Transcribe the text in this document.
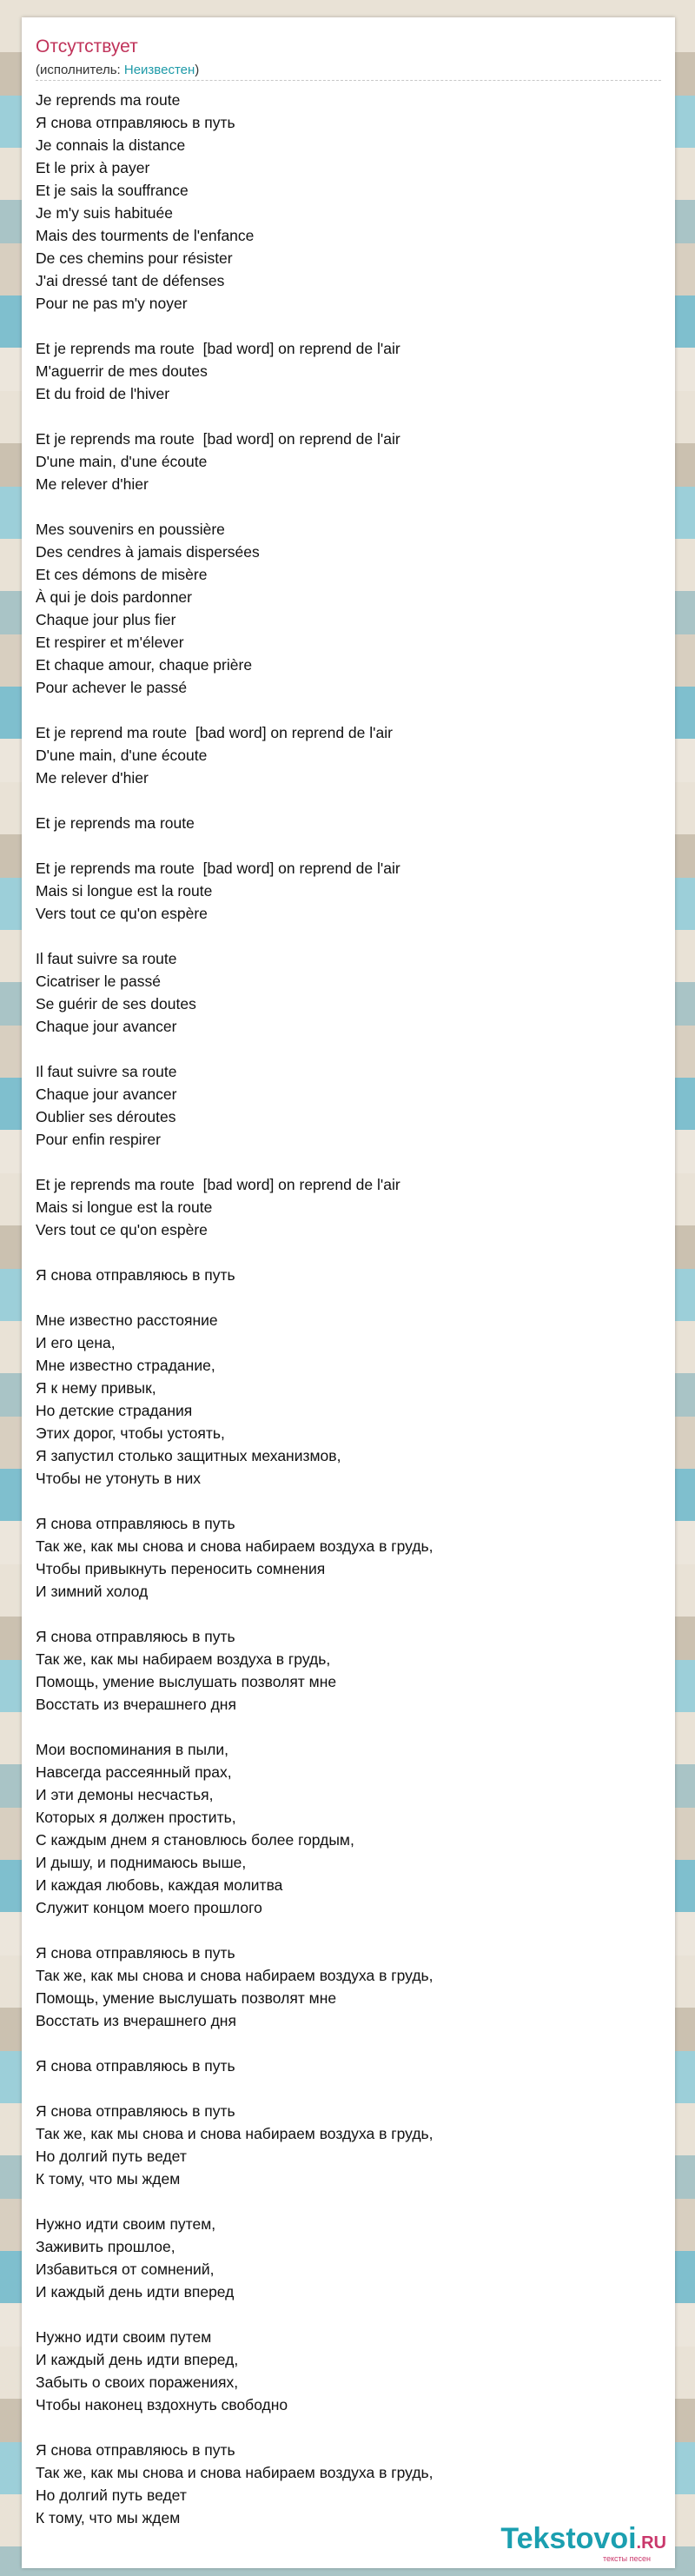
Отсутствует
(исполнитель: Неизвестен)
Je reprends ma route
Я снова отправляюсь в путь
Je connais la distance
Et le prix à payer
Et je sais la souffrance
Je m'y suis habituée
Mais des tourments de l'enfance
De ces chemins pour résister
J'ai dressé tant de défenses
Pour ne pas m'y noyer

Et je reprends ma route  [bad word] on reprend de l'air
M'aguerrir de mes doutes
Et du froid de l'hiver

Et je reprends ma route  [bad word] on reprend de l'air
D'une main, d'une écoute
Me relever d'hier

Mes souvenirs en poussière
Des cendres à jamais dispersées
Et ces démons de misère
À qui je dois pardonner
Chaque jour plus fier
Et respirer et m'élever
Et chaque amour, chaque prière
Pour achever le passé

Et je reprend ma route  [bad word] on reprend de l'air
D'une main, d'une écoute
Me relever d'hier

Et je reprends ma route

Et je reprends ma route  [bad word] on reprend de l'air
Mais si longue est la route
Vers tout ce qu'on espère

Il faut suivre sa route
Cicatriser le passé
Se guérir de ses doutes
Chaque jour avancer

Il faut suivre sa route
Chaque jour avancer
Oublier ses déroutes
Pour enfin respirer

Et je reprends ma route  [bad word] on reprend de l'air
Mais si longue est la route
Vers tout ce qu'on espère

Я снова отправляюсь в путь

Мне известно расстояние
И его цена,
Мне известно страдание,
Я к нему привык,
Но детские страдания
Этих дорог, чтобы устоять,
Я запустил столько защитных механизмов,
Чтобы не утонуть в них

Я снова отправляюсь в путь
Так же, как мы снова и снова набираем воздуха в грудь,
Чтобы привыкнуть переносить сомнения
И зимний холод

Я снова отправляюсь в путь
Так же, как мы набираем воздуха в грудь,
Помощь, умение выслушать позволят мне
Восстать из вчерашнего дня

Мои воспоминания в пыли,
Навсегда рассеянный прах,
И эти демоны несчастья,
Которых я должен простить,
С каждым днем я становлюсь более гордым,
И дышу, и поднимаюсь выше,
И каждая любовь, каждая молитва
Служит концом моего прошлого

Я снова отправляюсь в путь
Так же, как мы снова и снова набираем воздуха в грудь,
Помощь, умение выслушать позволят мне
Восстать из вчерашнего дня

Я снова отправляюсь в путь

Я снова отправляюсь в путь
Так же, как мы снова и снова набираем воздуха в грудь,
Но долгий путь ведет
К тому, что мы ждем

Нужно идти своим путем,
Заживить прошлое,
Избавиться от сомнений,
И каждый день идти вперед

Нужно идти своим путем
И каждый день идти вперед,
Забыть о своих поражениях,
Чтобы наконец вздохнуть свободно

Я снова отправляюсь в путь
Так же, как мы снова и снова набираем воздуха в грудь,
Но долгий путь ведет
К тому, что мы ждем
Tekstovoi.RU
тексты песен
